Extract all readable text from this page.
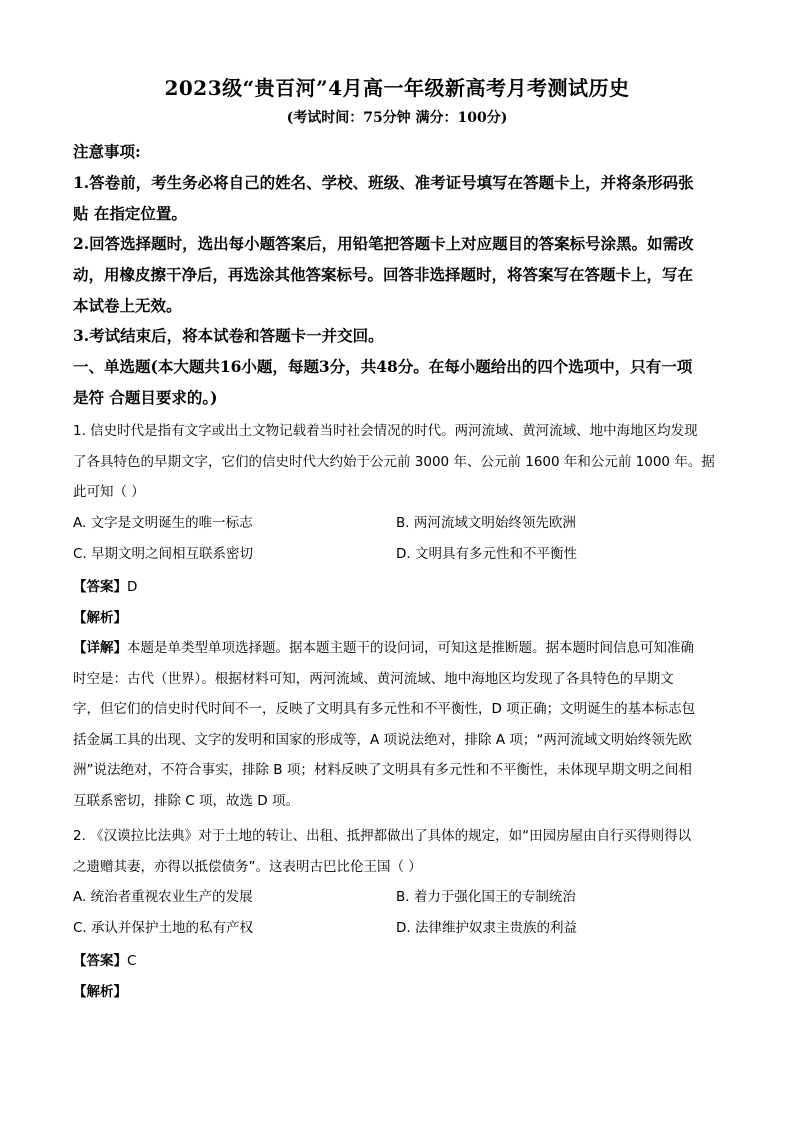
2023级“贵百河”4月高一年级新高考月考测试历史
(考试时间：75分钟 满分：100分)
注意事项:
1.答卷前，考生务必将自己的姓名、学校、班级、准考证号填写在答题卡上，并将条形码张
贴 在指定位置。
2.回答选择题时，选出每小题答案后，用铅笔把答题卡上对应题目的答案标号涂黑。如需改
动，用橡皮擦干净后，再选涂其他答案标号。回答非选择题时，将答案写在答题卡上，写在
本试卷上无效。
3.考试结束后，将本试卷和答题卡一并交回。
一、单选题(本大题共16小题，每题3分，共48分。在每小题给出的四个选项中，只有一项
是符 合题目要求的。)
1. 信史时代是指有文字或出土文物记载着当时社会情况的时代。两河流域、黄河流域、地中海地区均发现
了各具特色的早期文字，它们的信史时代大约始于公元前 3000 年、公元前 1600 年和公元前 1000 年。据
此可知（ ）
A. 文字是文明诞生的唯一标志	B. 两河流域文明始终领先欧洲
C. 早期文明之间相互联系密切	D. 文明具有多元性和不平衡性
【答案】D
【解析】
【详解】本题是单类型单项选择题。据本题主题干的设问词，可知这是推断题。据本题时间信息可知准确
时空是：古代（世界）。根据材料可知，两河流域、黄河流域、地中海地区均发现了各具特色的早期文
字，但它们的信史时代时间不一，反映了文明具有多元性和不平衡性，D 项正确；文明诞生的基本标志包
括金属工具的出现、文字的发明和国家的形成等，A 项说法绝对，排除 A 项；“两河流域文明始终领先欧
洲”说法绝对，不符合事实，排除 B 项；材料反映了文明具有多元性和不平衡性，未体现早期文明之间相
互联系密切，排除 C 项，故选 D 项。
2. 《汉谟拉比法典》对于土地的转让、出租、抵押都做出了具体的规定，如“田园房屋由自行买得则得以
之遗赠其妻，亦得以抵偿债务”。这表明古巴比伦王国（ ）
A. 统治者重视农业生产的发展	B. 着力于强化国王的专制统治
C. 承认并保护土地的私有产权	D. 法律维护奴隶主贵族的利益
【答案】C
【解析】
